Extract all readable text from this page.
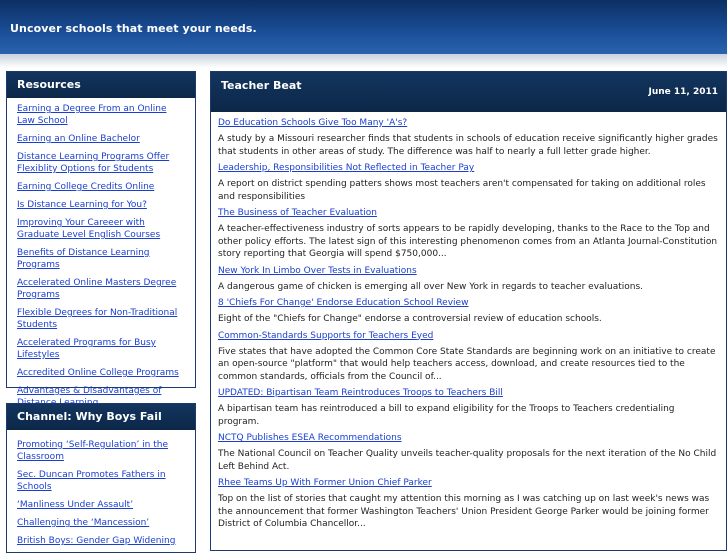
Uncover schools that meet your needs.
Resources
Earning a Degree From an Online Law School
Earning an Online Bachelor
Distance Learning Programs Offer Flexiblity Options for Students
Earning College Credits Online
Is Distance Learning for You?
Improving Your Careeer with Graduate Level English Courses
Benefits of Distance Learning Programs
Accelerated Online Masters Degree Programs
Flexible Degrees for Non-Traditional Students
Accelerated Programs for Busy Lifestyles
Accredited Online College Programs
Advantages & Disadvantages of
Channel: Why Boys Fail
Promoting ‘Self-Regulation’ in the Classroom
Sec. Duncan Promotes Fathers in Schools
‘Manliness Under Assault’
Challenging the ‘Mancession’
British Boys: Gender Gap Widening
Teacher Beat	June 11, 2011
Do Education Schools Give Too Many 'A's?

A study by a Missouri researcher finds that students in schools of education receive significantly higher grades that students in other areas of study. The difference was half to nearly a full letter grade higher.

Leadership, Responsibilities Not Reflected in Teacher Pay

A report on district spending patters shows most teachers aren't compensated for taking on additional roles and responsibilities

The Business of Teacher Evaluation

A teacher-effectiveness industry of sorts appears to be rapidly developing, thanks to the Race to the Top and other policy efforts. The latest sign of this interesting phenomenon comes from an Atlanta Journal-Constitution story reporting that Georgia will spend $750,000...

New York In Limbo Over Tests in Evaluations

A dangerous game of chicken is emerging all over New York in regards to teacher evaluations.

8 'Chiefs For Change' Endorse Education School Review

Eight of the "Chiefs for Change" endorse a controversial review of education schools.

Common-Standards Supports for Teachers Eyed

Five states that have adopted the Common Core State Standards are beginning work on an initiative to create an open-source "platform" that would help teachers access, download, and create resources tied to the common standards, officials from the Council of...

UPDATED: Bipartisan Team Reintroduces Troops to Teachers Bill

A bipartisan team has reintroduced a bill to expand eligibility for the Troops to Teachers credentialing program.

NCTQ Publishes ESEA Recommendations

The National Council on Teacher Quality unveils teacher-quality proposals for the next iteration of the No Child Left Behind Act.

Rhee Teams Up With Former Union Chief Parker

Top on the list of stories that caught my attention this morning as I was catching up on last week's news was the announcement that former Washington Teachers' Union President George Parker would be joining former District of Columbia Chancellor...
